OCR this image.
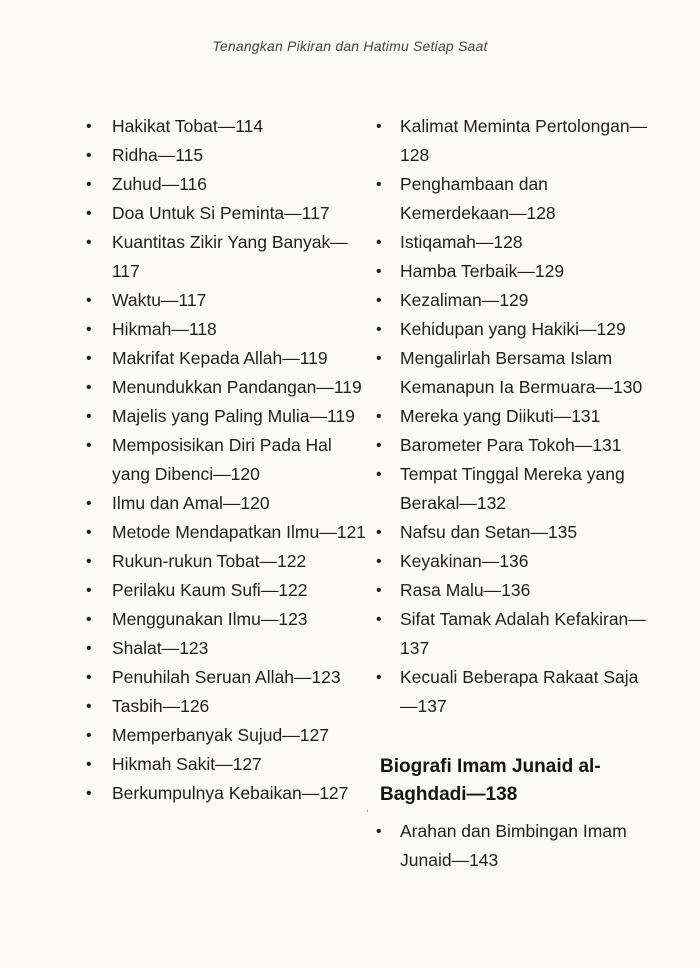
Tenangkan Pikiran dan Hatimu Setiap Saat
• Hakikat Tobat—114
• Ridha—115
• Zuhud—116
• Doa Untuk Si Peminta—117
• Kuantitas Zikir Yang Banyak—117
• Waktu—117
• Hikmah—118
• Makrifat Kepada Allah—119
• Menundukkan Pandangan—119
• Majelis yang Paling Mulia—119
• Memposisikan Diri Pada Hal yang Dibenci—120
• Ilmu dan Amal—120
• Metode Mendapatkan Ilmu—121
• Rukun-rukun Tobat—122
• Perilaku Kaum Sufi—122
• Menggunakan Ilmu—123
• Shalat—123
• Penuhilah Seruan Allah—123
• Tasbih—126
• Memperbanyak Sujud—127
• Hikmah Sakit—127
• Berkumpulnya Kebaikan—127
• Kalimat Meminta Pertolongan—128
• Penghambaan dan Kemerdekaan—128
• Istiqamah—128
• Hamba Terbaik—129
• Kezaliman—129
• Kehidupan yang Hakiki—129
• Mengalirlah Bersama Islam Kemanapun Ia Bermuara—130
• Mereka yang Diikuti—131
• Barometer Para Tokoh—131
• Tempat Tinggal Mereka yang Berakal—132
• Nafsu dan Setan—135
• Keyakinan—136
• Rasa Malu—136
• Sifat Tamak Adalah Kefakiran—137
• Kecuali Beberapa Rakaat Saja—137
Biografi Imam Junaid al-Baghdadi—138
• Arahan dan Bimbingan Imam Junaid—143
ʿ
